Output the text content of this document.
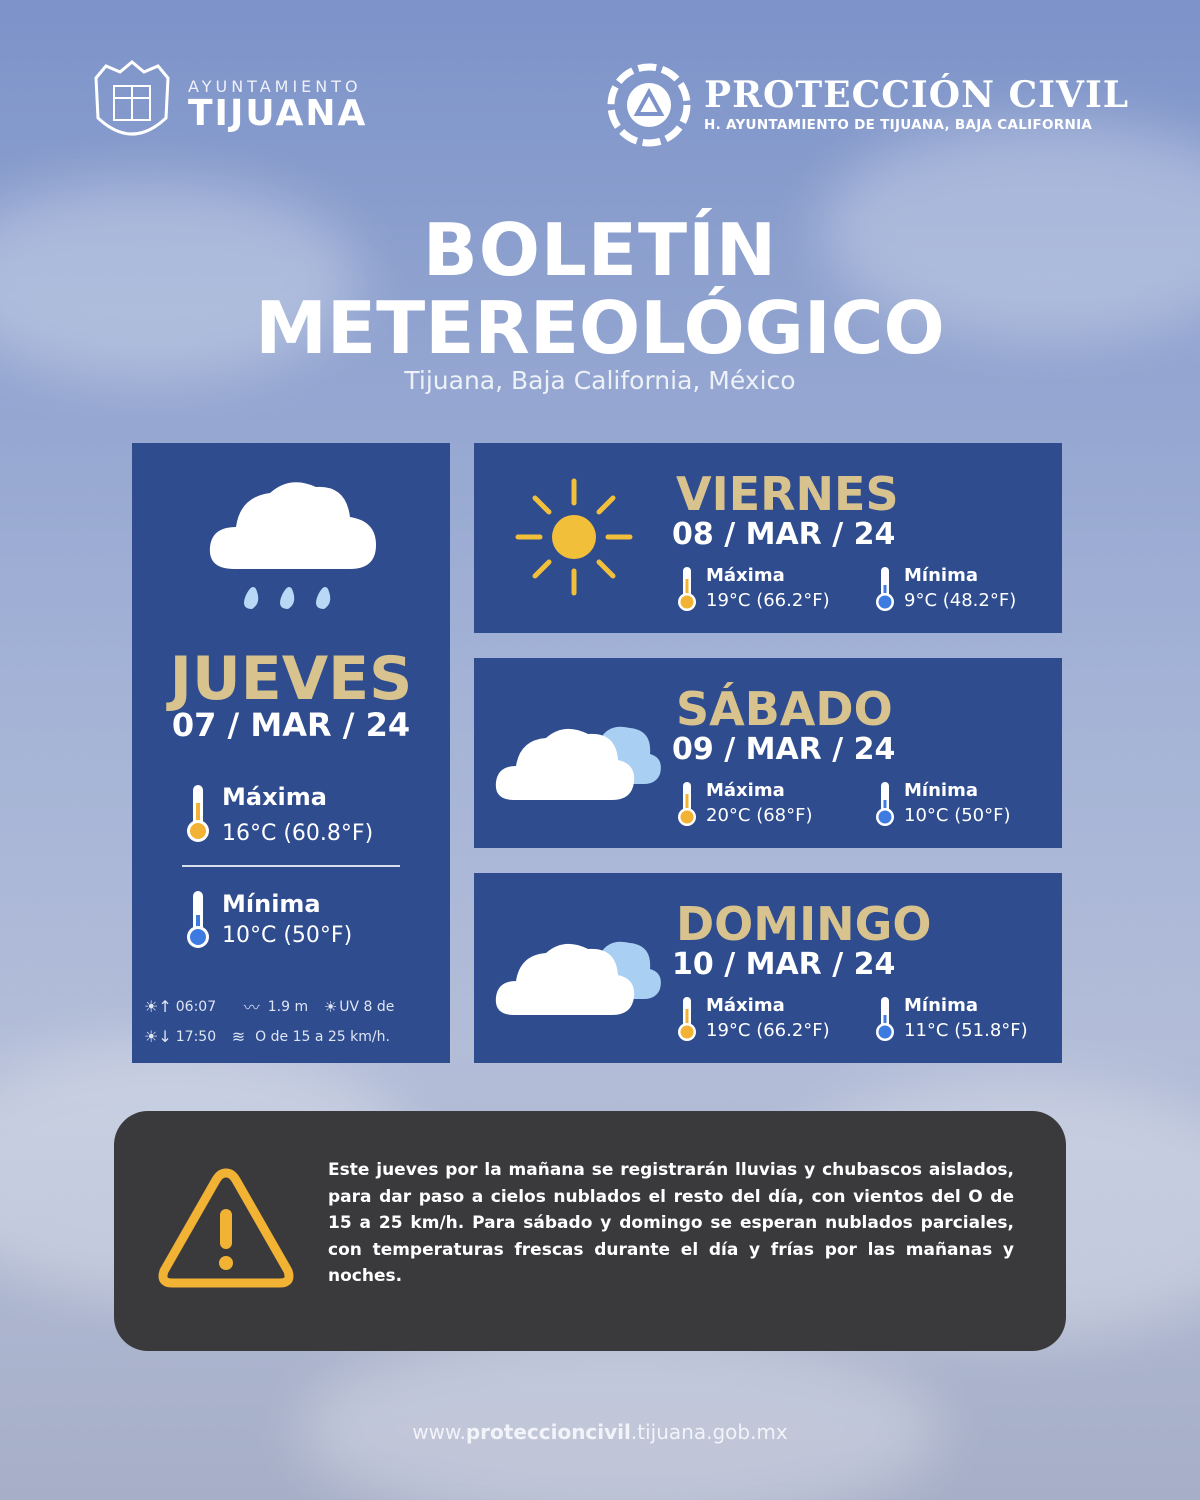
AYUNTAMIENTO
TIJUANA	PROTECCIÓN CIVIL
H. AYUNTAMIENTO DE TIJUANA, BAJA CALIFORNIA
BOLETÍN
METEREOLÓGICO
Tijuana, Baja California, México
Máxima
16°C (60.8°F)
Mínima
10°C (50°F)
☀↑ 06:07	〰 1.9 m	☀ UV 8 de
☀↓ 17:50 ≋ O de 15 a 25 km/h.
JUEVES
07 / MAR / 24
VIERNES
08 / MAR / 24
Máxima
19°C (66.2°F)
Mínima
9°C (48.2°F)
SÁBADO
09 / MAR / 24
Máxima
20°C (68°F)
Mínima
10°C (50°F)
DOMINGO
10 / MAR / 24
Máxima
19°C (66.2°F)
Mínima
11°C (51.8°F)
Este jueves por la mañana se registrarán lluvias y chubascos aislados, para dar paso a cielos nublados el resto del día, con vientos del O de 15 a 25 km/h. Para sábado y domingo se esperan nublados parciales, con temperaturas frescas durante el día y frías por las mañanas y noches.
www.proteccioncivil.tijuana.gob.mx
